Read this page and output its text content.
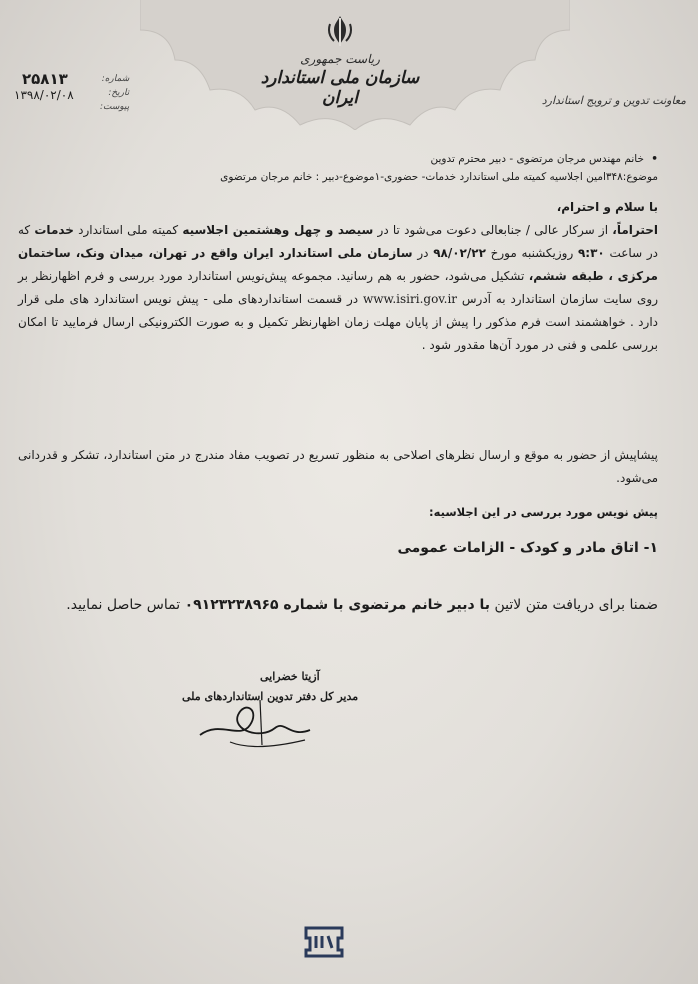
ریاست جمهوری
سازمان ملی استاندارد ایران	معاونت تدوین و ترویج استاندارد
۲۵۸۱۳
۱۳۹۸/۰۲/۰۸
شماره:
تاریخ:
پیوست:
• خانم مهندس مرجان مرتضوی - دبیر محترم تدوین
موضوع:۳۴۸امین اجلاسیه کمیته ملی استاندارد خدمات- حضوری-۱موضوع-دبیر : خانم مرجان مرتضوی

با سلام و احترام،

احتراماً، از سرکار عالی / جنابعالی دعوت می‌شود تا در سیصد و چهل وهشتمین اجلاسیه کمیته ملی استاندارد خدمات که در ساعت ۹:۳۰ روزیکشنبه مورخ ۹۸/۰۲/۲۲ در سازمان ملی استاندارد ایران واقع در تهران، میدان ونک، ساختمان مرکزی ، طبقه ششم، تشکیل می‌شود، حضور به هم رسانید. مجموعه پیش‌نویس استاندارد مورد بررسی و فرم اظهارنظر بر روی سایت سازمان استاندارد به آدرس www.isiri.gov.ir در قسمت استانداردهای ملی - پیش نویس استاندارد های ملی قرار دارد . خواهشمند است فرم مذکور را پیش از پایان مهلت زمان اظهارنظر تکمیل و به صورت الکترونیکی ارسال فرمایید تا امکان بررسی علمی و فنی در مورد آن‌ها مقدور شود .

پیشاپیش از حضور به موقع و ارسال نظرهای اصلاحی به منظور تسریع در تصویب مفاد مندرج در متن استاندارد، تشکر و قدردانی می‌شود.
پیش نویس مورد بررسی در این اجلاسیه:
۱- اتاق مادر و کودک - الزامات عمومی
ضمنا برای دریافت متن لاتین با دبیر خانم مرتضوی با شماره ۰۹۱۲۳۲۳۸۹۶۵ تماس حاصل نمایید.
آزیتا خضرایی
مدیر کل دفتر تدوین استانداردهای ملی
